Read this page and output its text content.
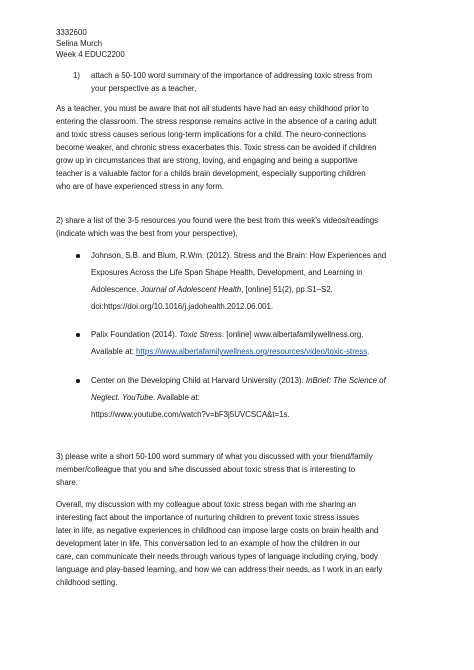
3332600
Selina Murch
Week 4 EDUC2200
1) attach a 50-100 word summary of the importance of addressing toxic stress from
your perspective as a teacher,
As a teacher, you must be aware that not all students have had an easy childhood prior to
entering the classroom. The stress response remains active in the absence of a caring adult
and toxic stress causes serious long-term implications for a child. The neuro-connections
become weaker, and chronic stress exacerbates this. Toxic stress can be avoided if children
grow up in circumstances that are strong, loving, and engaging and being a supportive
teacher is a valuable factor for a childs brain development, especially supporting children
who are of have experienced stress in any form.
2) share a list of the 3-5 resources you found were the best from this week's videos/readings
(indicate which was the best from your perspective),
Johnson, S.B. and Blum, R.Wm. (2012). Stress and the Brain: How Experiences and
Exposures Across the Life Span Shape Health, Development, and Learning in
Adolescence. Journal of Adolescent Health, [online] 51(2), pp.S1–S2.
doi:https://doi.org/10.1016/j.jadohealth.2012.06.001.
Palix Foundation (2014). Toxic Stress. [online] www.albertafamilywellness.org.
Available at: https://www.albertafamilywellness.org/resources/video/toxic-stress.
Center on the Developing Child at Harvard University (2013). InBrief: The Science of
Neglect. YouTube. Available at:
https://www.youtube.com/watch?v=bF3j5UVCSCA&t=1s.
3) please write a short 50-100 word summary of what you discussed with your friend/family
member/colleague that you and s/he discussed about toxic stress that is interesting to
share.
Overall, my discussion with my colleague about toxic stress began with me sharing an
interesting fact about the importance of nurturing children to prevent toxic stress issues
later in life, as negative experiences in childhood can impose large costs on brain health and
development later in life. This conversation led to an example of how the children in our
care, can communicate their needs through various types of language including crying, body
language and play-based learning, and how we can address their needs, as I work in an early
childhood setting.
